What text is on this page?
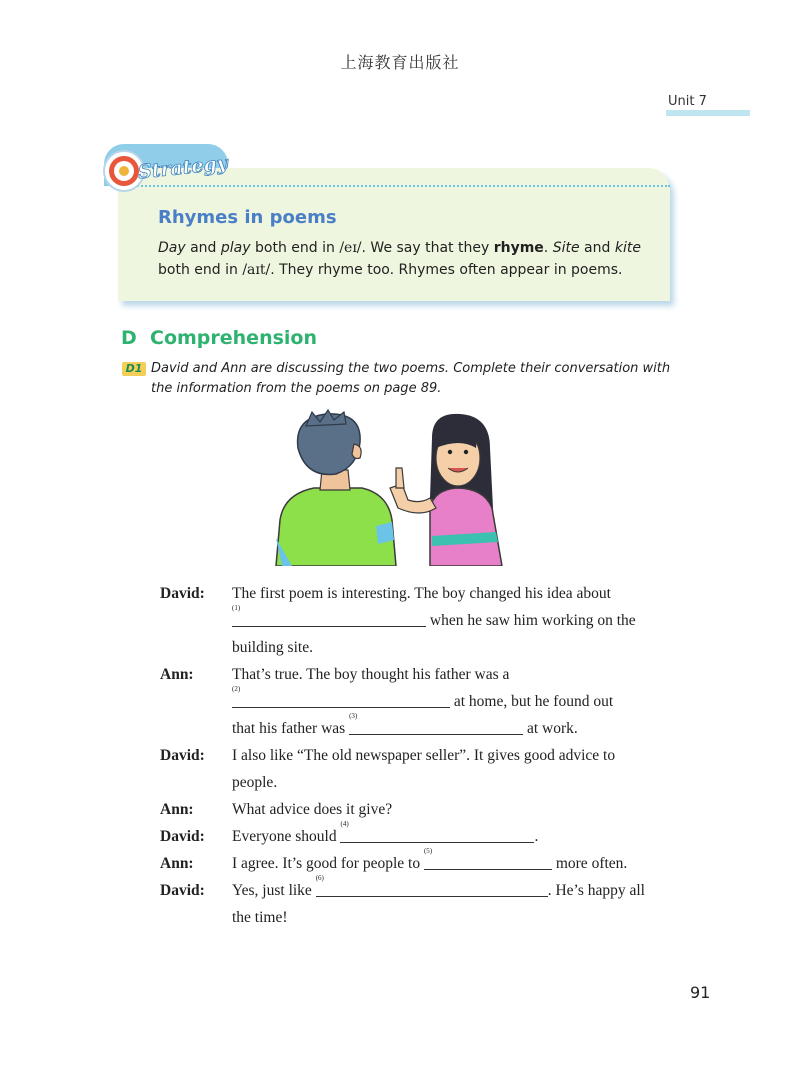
上海教育出版社
Unit 7
Strategy
Rhymes in poems
Day and play both end in /eɪ/. We say that they rhyme. Site and kite both end in /aɪt/. They rhyme too. Rhymes often appear in poems.
D Comprehension
D1 David and Ann are discussing the two poems. Complete their conversation with the information from the poems on page 89.
David:	The first poem is interesting. The boy changed his idea about
(1)
when he saw him working on the
building site.
Ann:	That’s true. The boy thought his father was a
(2)
at home, but he found out
that his father was
(3)
at work.
David:	I also like “The old newspaper seller”. It gives good advice to
people.
Ann:	What advice does it give?
David:	Everyone should
(4)
.
Ann:	I agree. It’s good for people to
(5)
more often.
David:	Yes, just like
(6)
. He’s happy all
the time!
91
